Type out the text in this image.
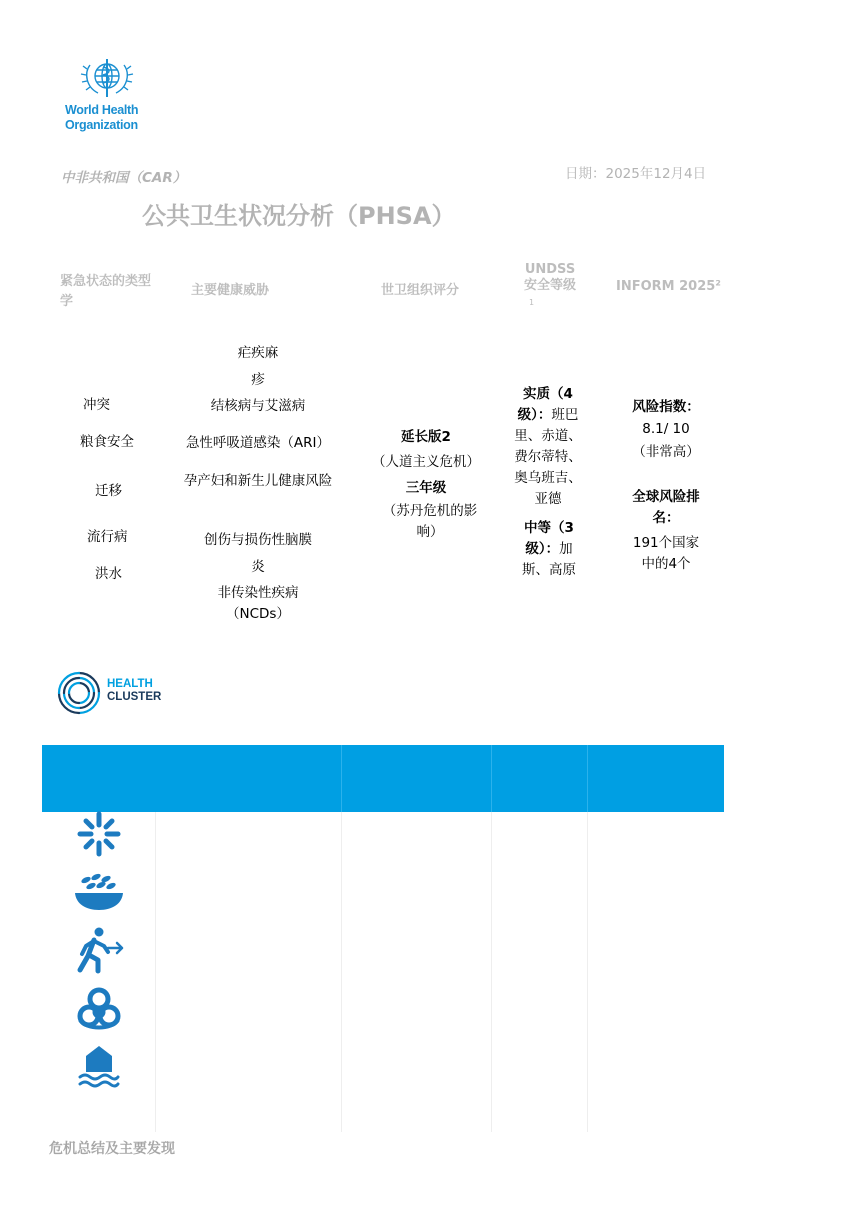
World Health
Organization
中非共和国（CAR）	日期：2025年12月4日
公共卫生状况分析（PHSA）
紧急状态的类型学
主要健康威胁	世卫组织评分
UNDSS
安全等级
1
INFORM 2025²
冲突
粮食安全
迁移
流行病
洪水
疟疾麻
疹
结核病与艾滋病
急性呼吸道感染（ARI）
孕产妇和新生儿健康风险
创伤与损伤性脑膜
炎
非传染性疾病（NCDs）
延长版2
（人道主义危机）
三年级
（苏丹危机的影响）
实质（4级）：班巴里、赤道、费尔蒂特、奥乌班吉、亚德
中等（3级）：加斯、高原
风险指数：
8.1/ 10
（非常高）
全球风险排名：
191个国家中的4个
HEALTH
CLUSTER
危机总结及主要发现
